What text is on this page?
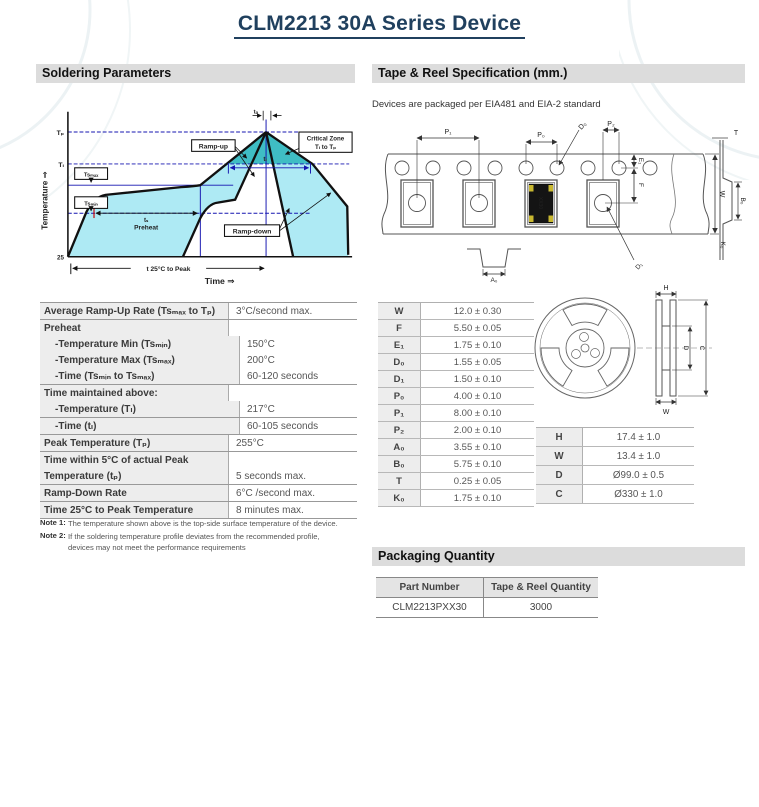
CLM2213 30A Series Device
Soldering Parameters	Tape & Reel Specification (mm.)
Packaging Quantity
Devices are packaged per EIA481 and EIA-2 standard
Tₚ
Tₗ
25
Tsₘₐₓ
Tsₘᵢₙ
Ramp-up
Critical Zone
Tₗ to Tₚ
Ramp-down
tₛ
Preheat
tₗ
tₚ
t 25°C to Peak
Time ⇒
Temperature ⇒
Average Ramp-Up Rate (Tsₘₐₓ to Tₚ)	3°C/second max.
Preheat
-Temperature Min (Tsₘᵢₙ)	150°C
-Temperature Max (Tsₘₐₓ)	200°C
-Time (Tsₘᵢₙ to Tsₘₐₓ)	60-120 seconds
Time maintained above:
-Temperature (Tₗ)	217°C
-Time (tₗ)	60-105 seconds
Peak Temperature (Tₚ)	255°C
Time within 5°C of actual Peak
Temperature (tₚ)	5 seconds max.
Ramp-Down Rate	6°C /second max.
Time 25°C to Peak Temperature	8 minutes max.
Note 1: The temperature shown above is the top-side surface temperature of the device.
Note 2: If the soldering temperature profile deviates from the recommended profile,
devices may not meet the performance requirements
XX30
P₁	P₀
D₀	P₂
E₁
F
W
D₁
A₀
T
B₀
K₀
H
W
D C
W	12.0 ± 0.30
F	5.50 ± 0.05
E₁	1.75 ± 0.10
D₀	1.55 ± 0.05
D₁	1.50 ± 0.10
P₀	4.00 ± 0.10
P₁	8.00 ± 0.10
P₂	2.00 ± 0.10
A₀	3.55 ± 0.10
B₀	5.75 ± 0.10
T	0.25 ± 0.05
K₀	1.75 ± 0.10
H	17.4 ± 1.0
W	13.4 ± 1.0
D	Ø99.0 ± 0.5
C	Ø330 ± 1.0
Part Number	Tape & Reel Quantity
CLM2213PXX30	3000
